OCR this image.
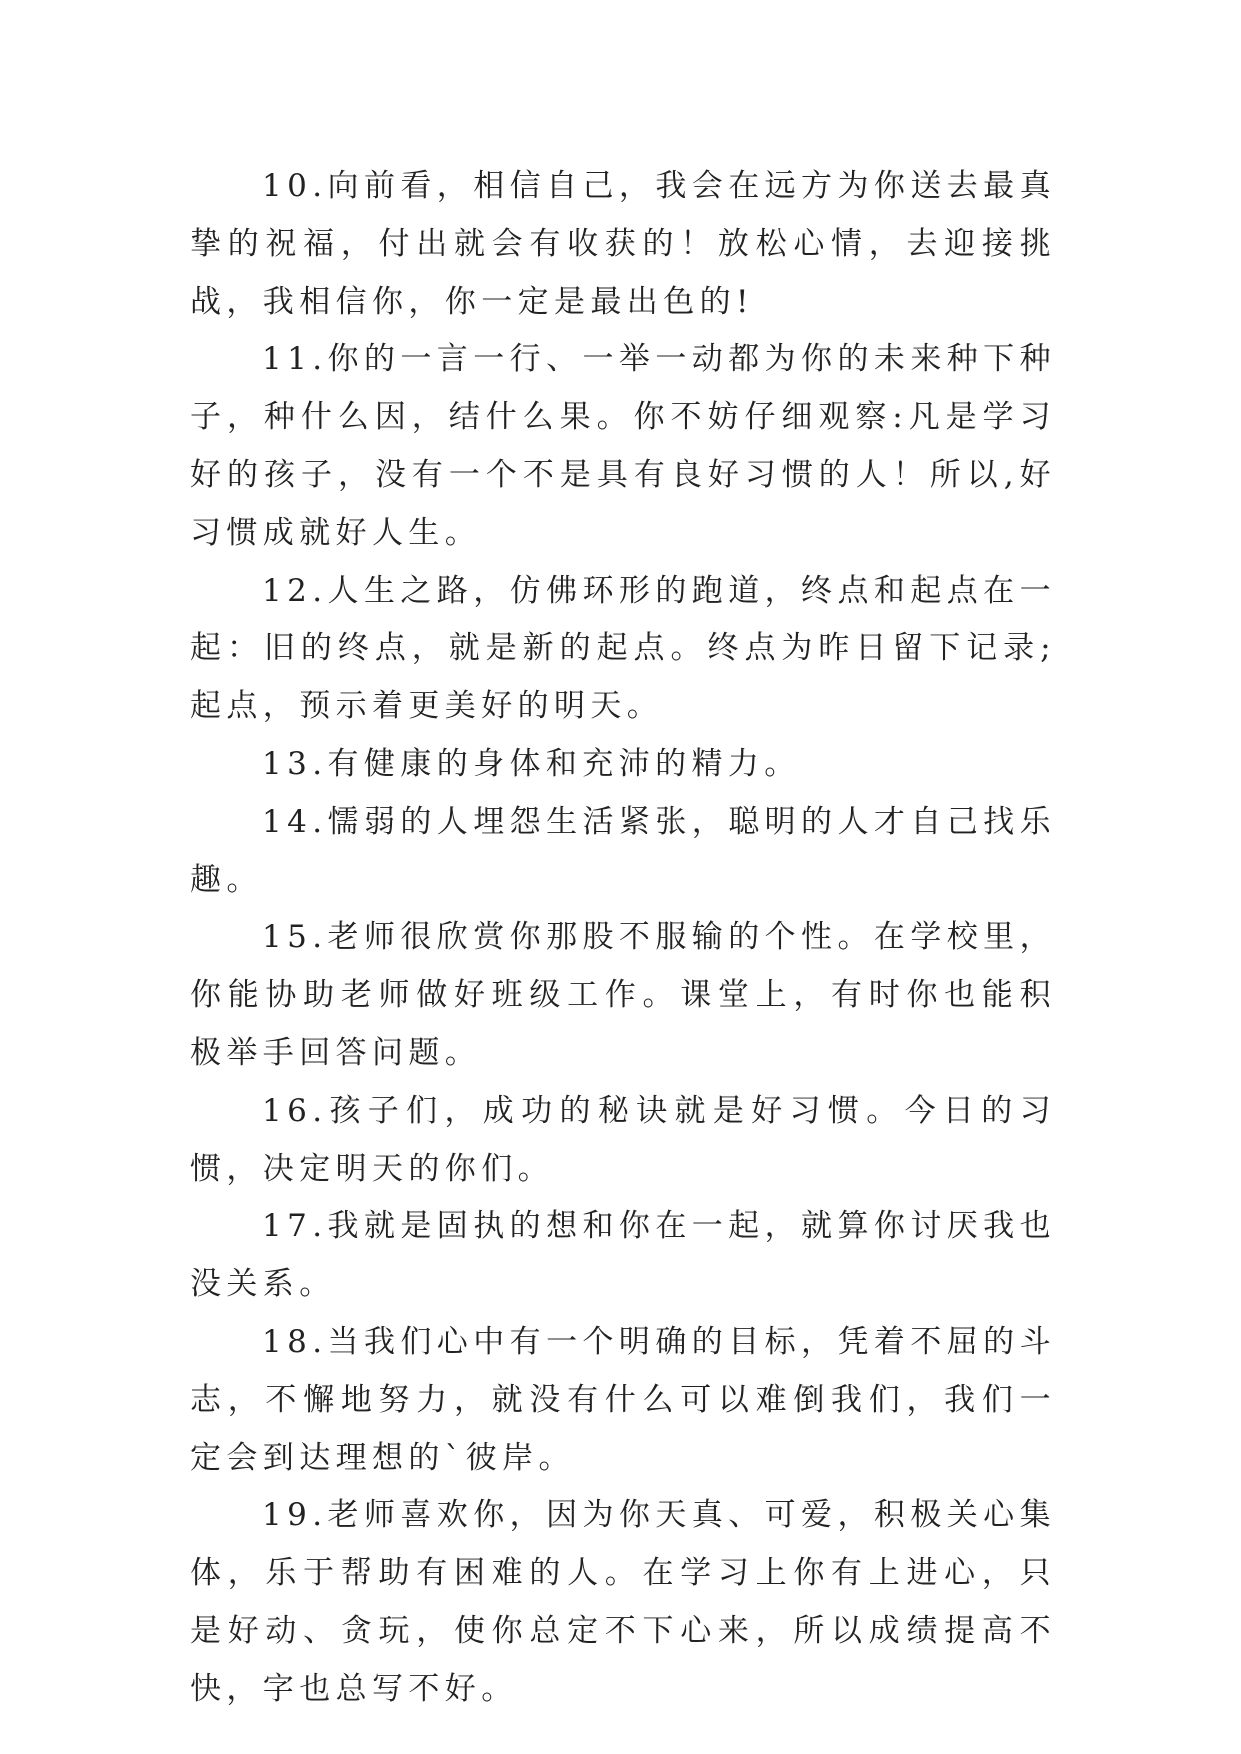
10.向前看，相信自己，我会在远方为你送去最真挚的祝福，付出就会有收获的！放松心情，去迎接挑战，我相信你，你一定是最出色的!

11.你的一言一行、一举一动都为你的未来种下种子，种什么因，结什么果。你不妨仔细观察:凡是学习好的孩子，没有一个不是具有良好习惯的人！所以,好习惯成就好人生。

12.人生之路，仿佛环形的跑道，终点和起点在一起：旧的终点，就是新的起点。终点为昨日留下记录;起点，预示着更美好的明天。

13.有健康的身体和充沛的精力。

14.懦弱的人埋怨生活紧张，聪明的人才自己找乐趣。

15.老师很欣赏你那股不服输的个性。在学校里，你能协助老师做好班级工作。课堂上，有时你也能积极举手回答问题。

16.孩子们，成功的秘诀就是好习惯。今日的习惯，决定明天的你们。

17.我就是固执的想和你在一起，就算你讨厌我也没关系。

18.当我们心中有一个明确的目标，凭着不屈的斗志，不懈地努力，就没有什么可以难倒我们，我们一定会到达理想的`彼岸。

19.老师喜欢你，因为你天真、可爱，积极关心集体，乐于帮助有困难的人。在学习上你有上进心，只是好动、贪玩，使你总定不下心来，所以成绩提高不快，字也总写不好。
